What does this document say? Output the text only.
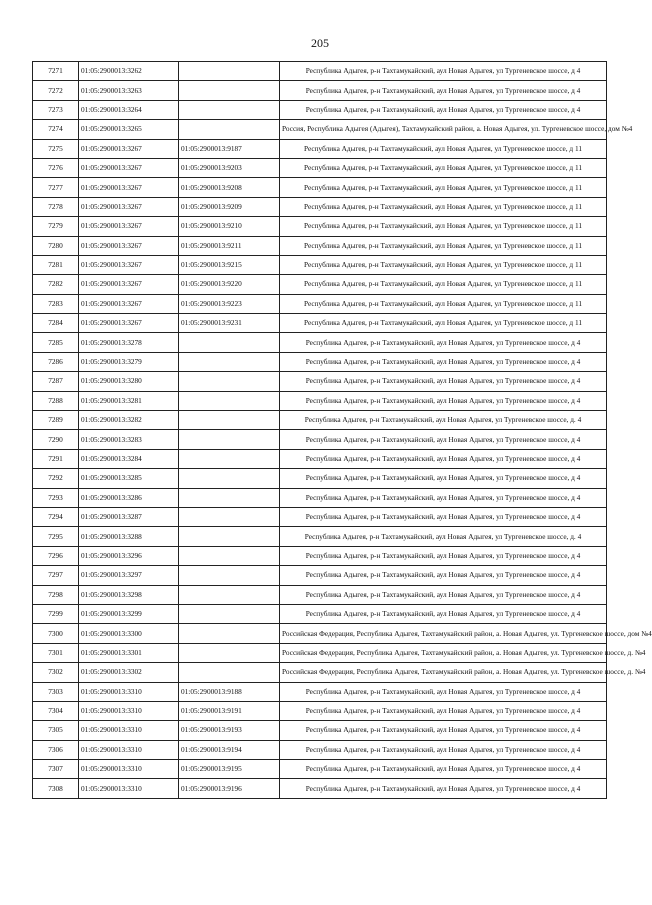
205
7271	01:05:2900013:3262		Республика Адыгея, р-н Тахтамукайский, аул Новая Адыгея, ул Тургеневское шоссе, д 4
7272	01:05:2900013:3263		Республика Адыгея, р-н Тахтамукайский, аул Новая Адыгея, ул Тургеневское шоссе, д 4
7273	01:05:2900013:3264		Республика Адыгея, р-н Тахтамукайский, аул Новая Адыгея, ул Тургеневское шоссе, д 4
7274	01:05:2900013:3265		Россия, Республика Адыгея (Адыгея), Тахтамукайский район, а. Новая Адыгея, ул. Тургеневское шоссе, дом №4
7275	01:05:2900013:3267	01:05:2900013:9187	Республика Адыгея, р-н Тахтамукайский, аул Новая Адыгея, ул Тургеневское шоссе, д 11
7276	01:05:2900013:3267	01:05:2900013:9203	Республика Адыгея, р-н Тахтамукайский, аул Новая Адыгея, ул Тургеневское шоссе, д 11
7277	01:05:2900013:3267	01:05:2900013:9208	Республика Адыгея, р-н Тахтамукайский, аул Новая Адыгея, ул Тургеневское шоссе, д 11
7278	01:05:2900013:3267	01:05:2900013:9209	Республика Адыгея, р-н Тахтамукайский, аул Новая Адыгея, ул Тургеневское шоссе, д 11
7279	01:05:2900013:3267	01:05:2900013:9210	Республика Адыгея, р-н Тахтамукайский, аул Новая Адыгея, ул Тургеневское шоссе, д 11
7280	01:05:2900013:3267	01:05:2900013:9211	Республика Адыгея, р-н Тахтамукайский, аул Новая Адыгея, ул Тургеневское шоссе, д 11
7281	01:05:2900013:3267	01:05:2900013:9215	Республика Адыгея, р-н Тахтамукайский, аул Новая Адыгея, ул Тургеневское шоссе, д 11
7282	01:05:2900013:3267	01:05:2900013:9220	Республика Адыгея, р-н Тахтамукайский, аул Новая Адыгея, ул Тургеневское шоссе, д 11
7283	01:05:2900013:3267	01:05:2900013:9223	Республика Адыгея, р-н Тахтамукайский, аул Новая Адыгея, ул Тургеневское шоссе, д 11
7284	01:05:2900013:3267	01:05:2900013:9231	Республика Адыгея, р-н Тахтамукайский, аул Новая Адыгея, ул Тургеневское шоссе, д 11
7285	01:05:2900013:3278		Республика Адыгея, р-н Тахтамукайский, аул Новая Адыгея, ул Тургеневское шоссе, д 4
7286	01:05:2900013:3279		Республика Адыгея, р-н Тахтамукайский, аул Новая Адыгея, ул Тургеневское шоссе, д 4
7287	01:05:2900013:3280		Республика Адыгея, р-н Тахтамукайский, аул Новая Адыгея, ул Тургеневское шоссе, д 4
7288	01:05:2900013:3281		Республика Адыгея, р-н Тахтамукайский, аул Новая Адыгея, ул Тургеневское шоссе, д 4
7289	01:05:2900013:3282		Республика Адыгея, р-н Тахтамукайский, аул Новая Адыгея, ул Тургеневское шоссе, д. 4
7290	01:05:2900013:3283		Республика Адыгея, р-н Тахтамукайский, аул Новая Адыгея, ул Тургеневское шоссе, д 4
7291	01:05:2900013:3284		Республика Адыгея, р-н Тахтамукайский, аул Новая Адыгея, ул Тургеневское шоссе, д 4
7292	01:05:2900013:3285		Республика Адыгея, р-н Тахтамукайский, аул Новая Адыгея, ул Тургеневское шоссе, д 4
7293	01:05:2900013:3286		Республика Адыгея, р-н Тахтамукайский, аул Новая Адыгея, ул Тургеневское шоссе, д 4
7294	01:05:2900013:3287		Республика Адыгея, р-н Тахтамукайский, аул Новая Адыгея, ул Тургеневское шоссе, д 4
7295	01:05:2900013:3288		Республика Адыгея, р-н Тахтамукайский, аул Новая Адыгея, ул Тургеневское шоссе, д. 4
7296	01:05:2900013:3296		Республика Адыгея, р-н Тахтамукайский, аул Новая Адыгея, ул Тургеневское шоссе, д 4
7297	01:05:2900013:3297		Республика Адыгея, р-н Тахтамукайский, аул Новая Адыгея, ул Тургеневское шоссе, д 4
7298	01:05:2900013:3298		Республика Адыгея, р-н Тахтамукайский, аул Новая Адыгея, ул Тургеневское шоссе, д 4
7299	01:05:2900013:3299		Республика Адыгея, р-н Тахтамукайский, аул Новая Адыгея, ул Тургеневское шоссе, д 4
7300	01:05:2900013:3300		Российская Федерация, Республика Адыгея, Тахтамукайский район, а. Новая Адыгея, ул. Тургеневское шоссе, дом №4
7301	01:05:2900013:3301		Российская Федерация, Республика Адыгея, Тахтамукайский район, а. Новая Адыгея, ул. Тургеневское шоссе, д. №4
7302	01:05:2900013:3302		Российская Федерация, Республика Адыгея, Тахтамукайский район, а. Новая Адыгея, ул. Тургеневское шоссе, д. №4
7303	01:05:2900013:3310	01:05:2900013:9188	Республика Адыгея, р-н Тахтамукайский, аул Новая Адыгея, ул Тургеневское шоссе, д 4
7304	01:05:2900013:3310	01:05:2900013:9191	Республика Адыгея, р-н Тахтамукайский, аул Новая Адыгея, ул Тургеневское шоссе, д 4
7305	01:05:2900013:3310	01:05:2900013:9193	Республика Адыгея, р-н Тахтамукайский, аул Новая Адыгея, ул Тургеневское шоссе, д 4
7306	01:05:2900013:3310	01:05:2900013:9194	Республика Адыгея, р-н Тахтамукайский, аул Новая Адыгея, ул Тургеневское шоссе, д 4
7307	01:05:2900013:3310	01:05:2900013:9195	Республика Адыгея, р-н Тахтамукайский, аул Новая Адыгея, ул Тургеневское шоссе, д 4
7308	01:05:2900013:3310	01:05:2900013:9196	Республика Адыгея, р-н Тахтамукайский, аул Новая Адыгея, ул Тургеневское шоссе, д 4
